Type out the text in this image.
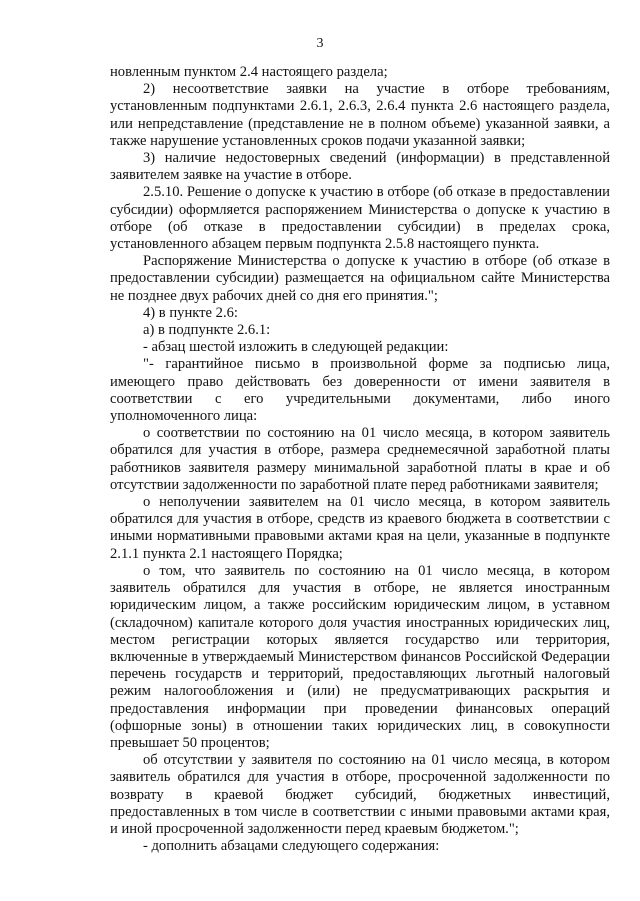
3

новленным пунктом 2.4 настоящего раздела;

2) несоответствие заявки на участие в отборе требованиям, установленным подпунктами 2.6.1, 2.6.3, 2.6.4 пункта 2.6 настоящего раздела, или непредставление (представление не в полном объеме) указанной заявки, а также нарушение установленных сроков подачи указанной заявки;

3) наличие недостоверных сведений (информации) в представленной заявителем заявке на участие в отборе.

2.5.10. Решение о допуске к участию в отборе (об отказе в предоставлении субсидии) оформляется распоряжением Министерства о допуске к участию в отборе (об отказе в предоставлении субсидии) в пределах срока, установленного абзацем первым подпункта 2.5.8 настоящего пункта.

Распоряжение Министерства о допуске к участию в отборе (об отказе в предоставлении субсидии) размещается на официальном сайте Министерства не позднее двух рабочих дней со дня его принятия.";

4) в пункте 2.6:

а) в подпункте 2.6.1:

- абзац шестой изложить в следующей редакции:

"- гарантийное письмо в произвольной форме за подписью лица, имеющего право действовать без доверенности от имени заявителя в соответствии с его учредительными документами, либо иного уполномоченного лица:

о соответствии по состоянию на 01 число месяца, в котором заявитель обратился для участия в отборе, размера среднемесячной заработной платы работников заявителя размеру минимальной заработной платы в крае и об отсутствии задолженности по заработной плате перед работниками заявителя;

о неполучении заявителем на 01 число месяца, в котором заявитель обратился для участия в отборе, средств из краевого бюджета в соответствии с иными нормативными правовыми актами края на цели, указанные в подпункте 2.1.1 пункта 2.1 настоящего Порядка;

о том, что заявитель по состоянию на 01 число месяца, в котором заявитель обратился для участия в отборе, не является иностранным юридическим лицом, а также российским юридическим лицом, в уставном (складочном) капитале которого доля участия иностранных юридических лиц, местом регистрации которых является государство или территория, включенные в утверждаемый Министерством финансов Российской Федерации перечень государств и территорий, предоставляющих льготный налоговый режим налогообложения и (или) не предусматривающих раскрытия и предоставления информации при проведении финансовых операций (офшорные зоны) в отношении таких юридических лиц, в совокупности превышает 50 процентов;

об отсутствии у заявителя по состоянию на 01 число месяца, в котором заявитель обратился для участия в отборе, просроченной задолженности по возврату в краевой бюджет субсидий, бюджетных инвестиций, предоставленных в том числе в соответствии с иными правовыми актами края, и иной просроченной задолженности перед краевым бюджетом.";

- дополнить абзацами следующего содержания:
